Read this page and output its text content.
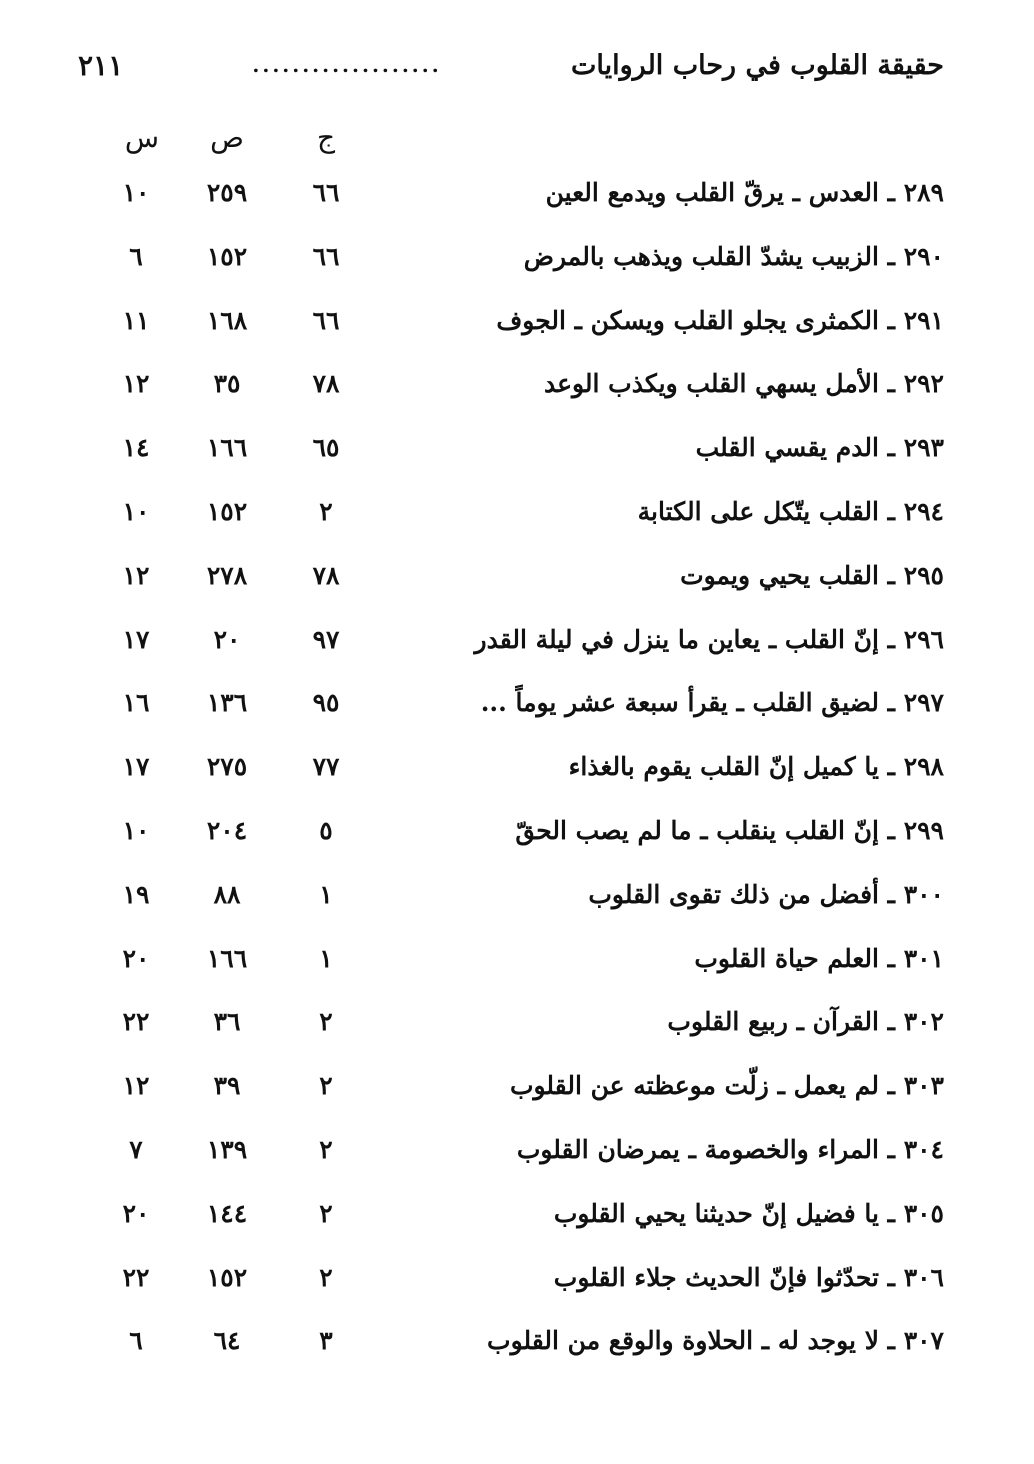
حقيقة القلوب في رحاب الروايات
...................
٢١١
ج
ص
س
٢٨٩ ـ العدس ـ يرقّ القلب ويدمع العين
٦٦
٢٥٩
١٠
٢٩٠ ـ الزبيب يشدّ القلب ويذهب بالمرض
٦٦
١٥٢
٦
٢٩١ ـ الكمثرى يجلو القلب ويسكن ـ الجوف
٦٦
١٦٨
١١
٢٩٢ ـ الأمل يسهي القلب ويكذب الوعد
٧٨
٣٥
١٢
٢٩٣ ـ الدم يقسي القلب
٦٥
١٦٦
١٤
٢٩٤ ـ القلب يتّكل على الكتابة
٢
١٥٢
١٠
٢٩٥ ـ القلب يحيي ويموت
٧٨
٢٧٨
١٢
٢٩٦ ـ إنّ القلب ـ يعاين ما ينزل في ليلة القدر
٩٧
٢٠
١٧
٢٩٧ ـ لضيق القلب ـ يقرأ سبعة عشر يوماً ...
٩٥
١٣٦
١٦
٢٩٨ ـ يا كميل إنّ القلب يقوم بالغذاء
٧٧
٢٧٥
١٧
٢٩٩ ـ إنّ القلب ينقلب ـ ما لم يصب الحقّ
٥
٢٠٤
١٠
٣٠٠ ـ أفضل من ذلك تقوى القلوب
١
٨٨
١٩
٣٠١ ـ العلم حياة القلوب
١
١٦٦
٢٠
٣٠٢ ـ القرآن ـ ربيع القلوب
٢
٣٦
٢٢
٣٠٣ ـ لم يعمل ـ زلّت موعظته عن القلوب
٢
٣٩
١٢
٣٠٤ ـ المراء والخصومة ـ يمرضان القلوب
٢
١٣٩
٧
٣٠٥ ـ يا فضيل إنّ حديثنا يحيي القلوب
٢
١٤٤
٢٠
٣٠٦ ـ تحدّثوا فإنّ الحديث جلاء القلوب
٢
١٥٢
٢٢
٣٠٧ ـ لا يوجد له ـ الحلاوة والوقع من القلوب
٣
٦٤
٦
